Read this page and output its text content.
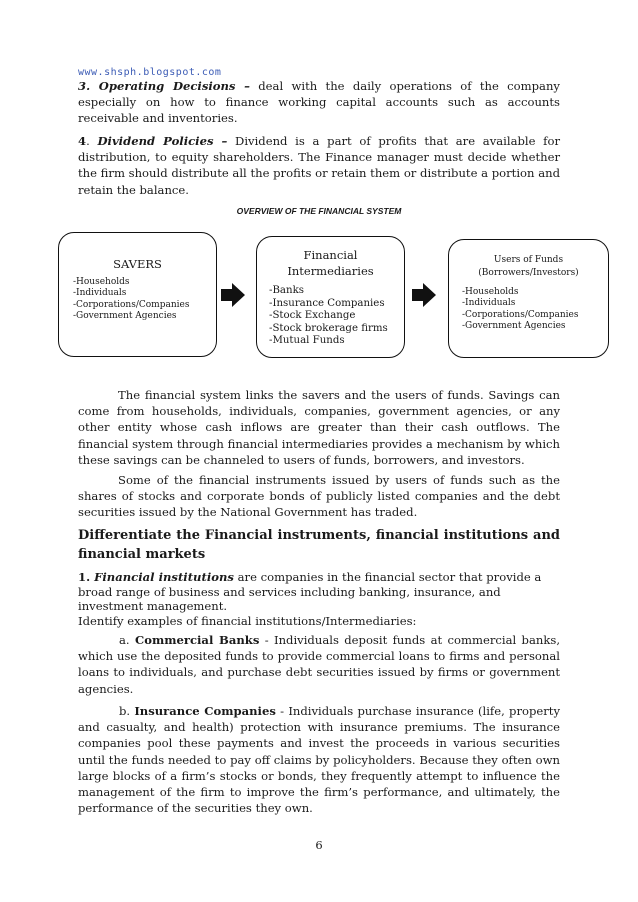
www.shsph.blogspot.com

3. Operating Decisions – deal with the daily operations of the company especially on how to finance working capital accounts such as accounts receivable and inventories.

4. Dividend Policies – Dividend is a part of profits that are available for distribution, to equity shareholders. The Finance manager must decide whether the firm should distribute all the profits or retain them or distribute a portion and retain the balance.

OVERVIEW OF THE FINANCIAL SYSTEM
SAVERS
-Households
-Individuals
-Corporations/Companies
-Government Agencies
Financial
Intermediaries
-Banks
-Insurance Companies
-Stock Exchange
-Stock brokerage firms
-Mutual Funds
Users of Funds
(Borrowers/Investors)
-Households
-Individuals
-Corporations/Companies
-Government Agencies

The financial system links the savers and the users of funds. Savings can come from households, individuals, companies, government agencies, or any other entity whose cash inflows are greater than their cash outflows. The financial system through financial intermediaries provides a mechanism by which these savings can be channeled to users of funds, borrowers, and investors.

Some of the financial instruments issued by users of funds such as the shares of stocks and corporate bonds of publicly listed companies and the debt securities issued by the National Government has traded.

Differentiate the Financial instruments, financial institutions and financial markets

1. Financial institutions are companies in the financial sector that provide a
broad range of business and services including banking, insurance, and
investment management.
Identify examples of financial institutions/Intermediaries:

a. Commercial Banks - Individuals deposit funds at commercial banks, which use the deposited funds to provide commercial loans to firms and personal loans to individuals, and purchase debt securities issued by firms or government agencies.

b. Insurance Companies - Individuals purchase insurance (life, property and casualty, and health) protection with insurance premiums. The insurance companies pool these payments and invest the proceeds in various securities until the funds needed to pay off claims by policyholders. Because they often own large blocks of a firm’s stocks or bonds, they frequently attempt to influence the management of the firm to improve the firm’s performance, and ultimately, the performance of the securities they own.

6
